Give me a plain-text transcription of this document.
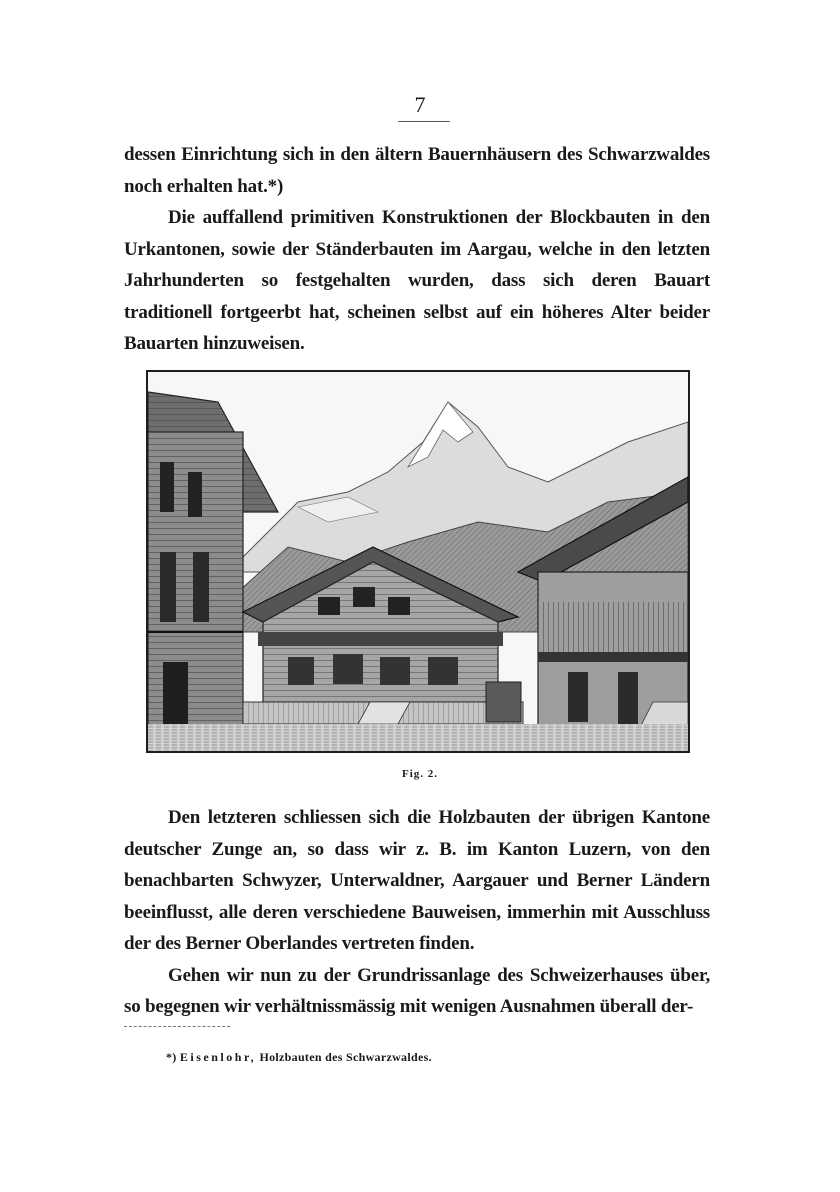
7

dessen Einrichtung sich in den ältern Bauernhäusern des Schwarzwaldes noch erhalten hat.*)

Die auffallend primitiven Konstruktionen der Blockbauten in den Urkantonen, sowie der Ständerbauten im Aargau, welche in den letzten Jahrhunderten so festgehalten wurden, dass sich deren Bauart traditionell fortgeerbt hat, scheinen selbst auf ein höheres Alter beider Bauarten hinzuweisen.

Fig. 2.

Den letzteren schliessen sich die Holzbauten der übrigen Kantone deutscher Zunge an, so dass wir z. B. im Kanton Luzern, von den benachbarten Schwyzer, Unterwaldner, Aargauer und Berner Ländern beeinflusst, alle deren verschiedene Bauweisen, immerhin mit Ausschluss der des Berner Oberlandes vertreten finden.

Gehen wir nun zu der Grundrissanlage des Schweizerhauses über, so begegnen wir verhältnissmässig mit wenigen Ausnahmen überall der-

*) Eisenlohr, Holzbauten des Schwarzwaldes.
